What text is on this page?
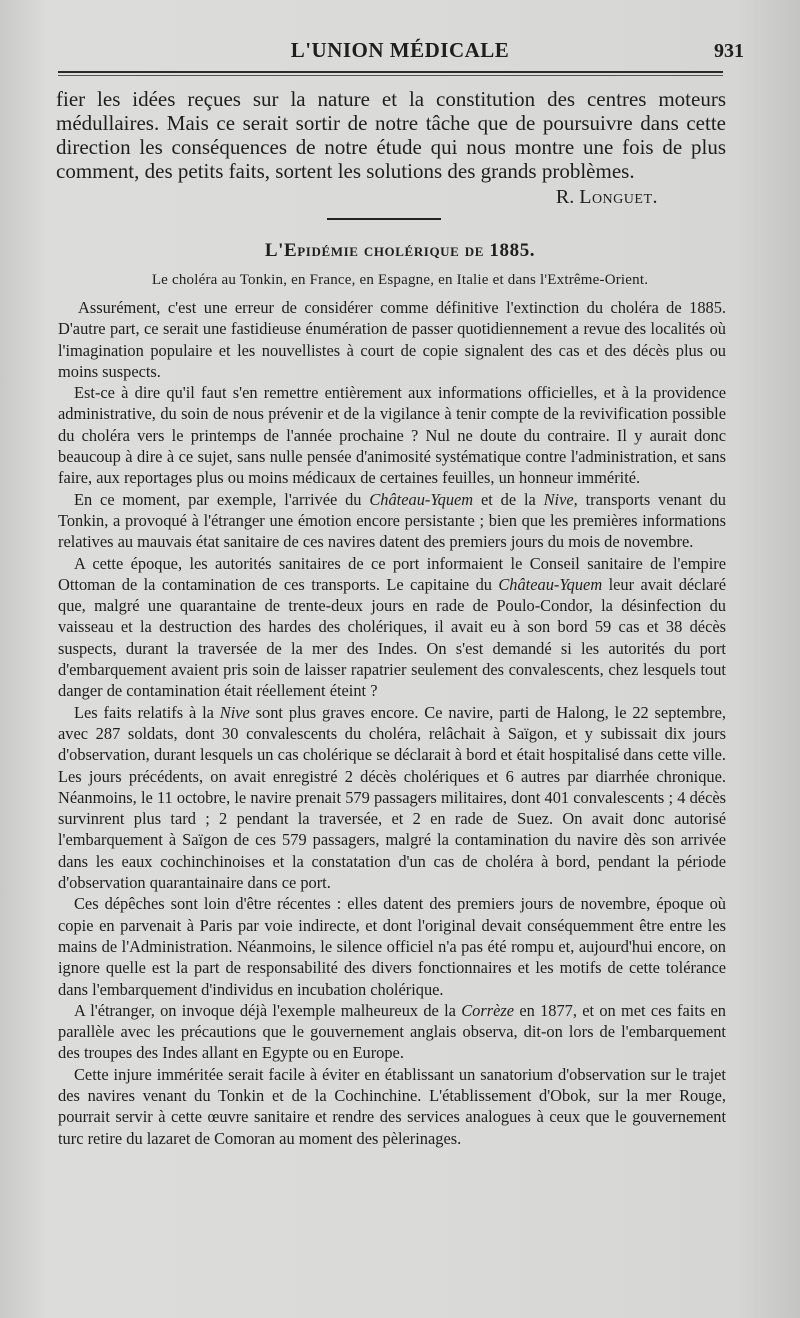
L'UNION MÉDICALE	931

fier les idées reçues sur la nature et la constitution des centres moteurs médullaires. Mais ce serait sortir de notre tâche que de poursuivre dans cette direction les conséquences de notre étude qui nous montre une fois de plus comment, des petits faits, sortent les solutions des grands problèmes.

R. Longuet.
L'Epidémie cholérique de 1885.
Le choléra au Tonkin, en France, en Espagne, en Italie et dans l'Extrême-Orient.

Assurément, c'est une erreur de considérer comme définitive l'extinction du choléra de 1885. D'autre part, ce serait une fastidieuse énumération de passer quotidiennement a revue des localités où l'imagination populaire et les nouvellistes à court de copie signalent des cas et des décès plus ou moins suspects.

Est-ce à dire qu'il faut s'en remettre entièrement aux informations officielles, et à la providence administrative, du soin de nous prévenir et de la vigilance à tenir compte de la revivification possible du choléra vers le printemps de l'année prochaine ? Nul ne doute du contraire. Il y aurait donc beaucoup à dire à ce sujet, sans nulle pensée d'animosité systématique contre l'administration, et sans faire, aux reportages plus ou moins médicaux de certaines feuilles, un honneur immérité.

En ce moment, par exemple, l'arrivée du Château-Yquem et de la Nive, transports venant du Tonkin, a provoqué à l'étranger une émotion encore persistante ; bien que les premières informations relatives au mauvais état sanitaire de ces navires datent des premiers jours du mois de novembre.

A cette époque, les autorités sanitaires de ce port informaient le Conseil sanitaire de l'empire Ottoman de la contamination de ces transports. Le capitaine du Château-Yquem leur avait déclaré que, malgré une quarantaine de trente-deux jours en rade de Poulo-Condor, la désinfection du vaisseau et la destruction des hardes des cholériques, il avait eu à son bord 59 cas et 38 décès suspects, durant la traversée de la mer des Indes. On s'est demandé si les autorités du port d'embarquement avaient pris soin de laisser rapatrier seulement des convalescents, chez lesquels tout danger de contamination était réellement éteint ?

Les faits relatifs à la Nive sont plus graves encore. Ce navire, parti de Halong, le 22 septembre, avec 287 soldats, dont 30 convalescents du choléra, relâchait à Saïgon, et y subissait dix jours d'observation, durant lesquels un cas cholérique se déclarait à bord et était hospitalisé dans cette ville. Les jours précédents, on avait enregistré 2 décès cholériques et 6 autres par diarrhée chronique. Néanmoins, le 11 octobre, le navire prenait 579 passagers militaires, dont 401 convalescents ; 4 décès survinrent plus tard ; 2 pendant la traversée, et 2 en rade de Suez. On avait donc autorisé l'embarquement à Saïgon de ces 579 passagers, malgré la contamination du navire dès son arrivée dans les eaux cochinchinoises et la constatation d'un cas de choléra à bord, pendant la période d'observation quarantainaire dans ce port.

Ces dépêches sont loin d'être récentes : elles datent des premiers jours de novembre, époque où copie en parvenait à Paris par voie indirecte, et dont l'original devait conséquemment être entre les mains de l'Administration. Néanmoins, le silence officiel n'a pas été rompu et, aujourd'hui encore, on ignore quelle est la part de responsabilité des divers fonctionnaires et les motifs de cette tolérance dans l'embarquement d'individus en incubation cholérique.

A l'étranger, on invoque déjà l'exemple malheureux de la Corrèze en 1877, et on met ces faits en parallèle avec les précautions que le gouvernement anglais observa, dit-on lors de l'embarquement des troupes des Indes allant en Egypte ou en Europe.

Cette injure imméritée serait facile à éviter en établissant un sanatorium d'observation sur le trajet des navires venant du Tonkin et de la Cochinchine. L'établissement d'Obok, sur la mer Rouge, pourrait servir à cette œuvre sanitaire et rendre des services analogues à ceux que le gouvernement turc retire du lazaret de Comoran au moment des pèlerinages.
